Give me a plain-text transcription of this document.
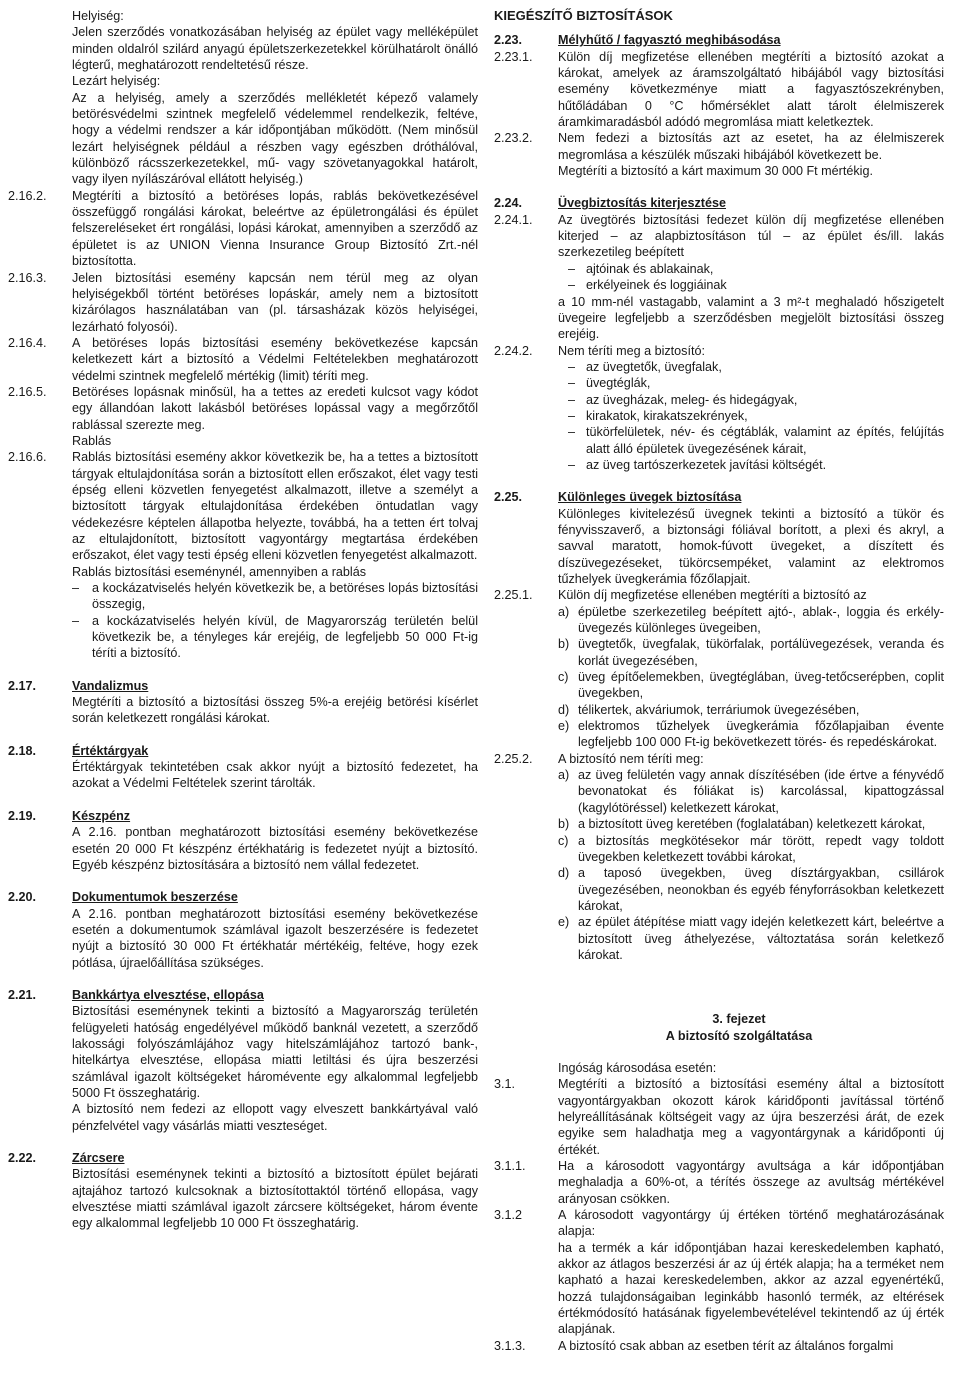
Helyiség:
Jelen szerződés vonatkozásában helyiség az épület vagy melléképület minden oldalról szilárd anyagú épületszerkezetekkel körülhatárolt önálló légterű, meghatározott rendeltetésű része.
Lezárt helyiség:
Az a helyiség, amely a szerződés mellékletét képező valamely betörésvédelmi szintnek megfelelő védelemmel rendelkezik, feltéve, hogy a védelmi rendszer a kár időpontjában működött. (Nem minősül lezárt helyiségnek például a részben vagy egészben dróthálóval, különböző rácsszerkezetekkel, mű- vagy szövetanyagokkal határolt, vagy ilyen nyílászáróval ellátott helyiség.)
2.16.2.	Megtéríti a biztosító a betöréses lopás, rablás bekövetkezésével összefüggő rongálási károkat, beleértve az épületrongálási és épület felszereléseket ért rongálási, lopási károkat, amennyiben a szerződő az épületet is az UNION Vienna Insurance Group Biztosító Zrt.-nél biztosította.
2.16.3.	Jelen biztosítási esemény kapcsán nem térül meg az olyan helyiségekből történt betöréses lopáskár, amely nem a biztosított kizárólagos használatában van (pl. társasházak közös helyiségei, lezárható folyosói).
2.16.4.	A betöréses lopás biztosítási esemény bekövetkezése kapcsán keletkezett kárt a biztosító a Védelmi Feltételekben meghatározott védelmi szintnek megfelelő mértékig (limit) téríti meg.
2.16.5.	Betöréses lopásnak minősül, ha a tettes az eredeti kulcsot vagy kódot egy állandóan lakott lakásból betöréses lopással vagy a megőrzőtől rablással szerezte meg.
Rablás
2.16.6.	Rablás biztosítási esemény akkor következik be, ha a tettes a biztosított tárgyak eltulajdonítása során a biztosított ellen erőszakot, élet vagy testi épség elleni közvetlen fenyegetést alkalmazott, illetve a személyt a biztosított tárgyak eltulajdonítása érdekében öntudatlan vagy védekezésre képtelen állapotba helyezte, továbbá, ha a tetten ért tolvaj az eltulajdonított, biztosított vagyontárgy megtartása érdekében erőszakot, élet vagy testi épség elleni közvetlen fenyegetést alkalmazott.
Rablás biztosítási eseménynél, amennyiben a rablás
–	a kockázatviselés helyén következik be, a betöréses lopás biztosítási összegig,
–	a kockázatviselés helyén kívül, de Magyarország területén belül következik be, a tényleges kár erejéig, de legfeljebb 50 000 Ft-ig téríti a biztosító.
2.17.	Vandalizmus
Megtéríti a biztosító a biztosítási összeg 5%-a erejéig betörési kísérlet során keletkezett rongálási károkat.
2.18.	Értéktárgyak
Értéktárgyak tekintetében csak akkor nyújt a biztosító fedezetet, ha azokat a Védelmi Feltételek szerint tárolták.
2.19.	Készpénz
A 2.16. pontban meghatározott biztosítási esemény bekövetkezése esetén 20 000 Ft készpénz értékhatárig is fedezetet nyújt a biztosító. Egyéb készpénz biztosítására a biztosító nem vállal fedezetet.
2.20.	Dokumentumok beszerzése
A 2.16. pontban meghatározott biztosítási esemény bekövetkezése esetén a dokumentumok számlával igazolt beszerzésére is fedezetet nyújt a biztosító 30 000 Ft értékhatár mértékéig, feltéve, hogy ezek pótlása, újraelőállítása szükséges.
2.21.	Bankkártya elvesztése, ellopása
Biztosítási eseménynek tekinti a biztosító a Magyarország területén felügyeleti hatóság engedélyével működő banknál vezetett, a szerződő lakossági folyószámlájához vagy hitelszámlájához tartozó bank-, hitelkártya elvesztése, ellopása miatti letiltási és újra beszerzési számlával igazolt költségeket háromévente egy alkalommal legfeljebb 5000 Ft összeghatárig.
A biztosító nem fedezi az ellopott vagy elveszett bankkártyával való pénzfelvétel vagy vásárlás miatti veszteséget.
2.22.	Zárcsere
Biztosítási eseménynek tekinti a biztosító a biztosított épület bejárati ajtajához tartozó kulcsoknak a biztosítottaktól történő ellopása, vagy elvesztése miatti számlával igazolt zárcsere költségeket, három évente egy alkalommal legfeljebb 10 000 Ft összeghatárig.
KIEGÉSZÍTŐ BIZTOSÍTÁSOK
2.23.	Mélyhűtő / fagyasztó meghibásodása
2.23.1.	Külön díj megfizetése ellenében megtéríti a biztosító azokat a károkat, amelyek az áramszolgáltató hibájából vagy biztosítási esemény következménye miatt a fagyasztószekrényben, hűtőládában 0 °C hőmérséklet alatt tárolt élelmiszerek áramkimaradásból adódó megromlása miatt keletkeztek.
2.23.2.	Nem fedezi a biztosítás azt az esetet, ha az élelmiszerek megromlása a készülék műszaki hibájából következett be.
Megtéríti a biztosító a kárt maximum 30 000 Ft mértékig.
2.24.	Üvegbiztosítás kiterjesztése
2.24.1.	Az üvegtörés biztosítási fedezet külön díj megfizetése ellenében kiterjed – az alapbiztosításon túl – az épület és/ill. lakás szerkezetileg beépített
– ajtóinak és ablakainak,
– erkélyeinek és loggiáinak
a 10 mm-nél vastagabb, valamint a 3 m²-t meghaladó hőszigetelt üvegeire legfeljebb a szerződésben megjelölt biztosítási összeg erejéig.
2.24.2.	Nem téríti meg a biztosító:
– az üvegtetők, üvegfalak,
– üvegtéglák,
– az üvegházak, meleg- és hidegágyak,
– kirakatok, kirakatszekrények,
– tükörfelületek, név- és cégtáblák, valamint az építés, felújítás alatt álló épületek üvegezésének kárait,
– az üveg tartószerkezetek javítási költségét.
2.25.	Különleges üvegek biztosítása
Különleges kivitelezésű üvegnek tekinti a biztosító a tükör és fényvisszaverő, a biztonsági fóliával borított, a plexi és akryl, a savval maratott, homok-fúvott üvegeket, a díszített és díszüvegezéseket, tükörcsempéket, valamint az elektromos tűzhelyek üvegkerámia főzőlapjait.
2.25.1.	Külön díj megfizetése ellenében megtéríti a biztosító az
a) épületbe szerkezetileg beépített ajtó-, ablak-, loggia és erkély-üvegezés különleges üvegeiben,
b) üvegtetők, üvegfalak, tükörfalak, portálüvegezések, veranda és korlát üvegezésében,
c) üveg építőelemekben, üvegtéglában, üveg-tetőcserépben, coplit üvegekben,
d) télikertek, akváriumok, terráriumok üvegezésében,
e) elektromos tűzhelyek üvegkerámia főzőlapjaiban évente legfeljebb 100 000 Ft-ig bekövetkezett törés- és repedéskárokat.
2.25.2.	A biztosító nem téríti meg:
a) az üveg felületén vagy annak díszítésében (ide értve a fényvédő bevonatokat és fóliákat is) karcolással, kipattogzással (kagylótöréssel) keletkezett károkat,
b) a biztosított üveg keretében (foglalatában) keletkezett károkat,
c) a biztosítás megkötésekor már törött, repedt vagy toldott üvegekben keletkezett további károkat,
d) a taposó üvegekben, üveg dísztárgyakban, csillárok üvegezésében, neonokban és egyéb fényforrásokban keletkezett károkat,
e) az épület átépítése miatt vagy idején keletkezett kárt, beleértve a biztosított üveg áthelyezése, változtatása során keletkező károkat.
3. fejezet
A biztosító szolgáltatása
Ingóság károsodása esetén:
3.1.	Megtéríti a biztosító a biztosítási esemény által a biztosított vagyontárgyakban okozott károk káridőponti javítással történő helyreállításának költségeit vagy az újra beszerzési árát, de ezek egyike sem haladhatja meg a vagyontárgynak a káridőponti új értékét.
3.1.1.	Ha a károsodott vagyontárgy avultsága a kár időpontjában meghaladja a 60%-ot, a térítés összege az avultság mértékével arányosan csökken.
3.1.2	A károsodott vagyontárgy új értéken történő meghatározásának alapja:
ha a termék a kár időpontjában hazai kereskedelemben kapható, akkor az átlagos beszerzési ár az új érték alapja; ha a terméket nem kapható a hazai kereskedelemben, akkor az azzal egyenértékű, hozzá tulajdonságaiban leginkább hasonló termék, az eltérések értékmódosító hatásának figyelembevételével tekintendő az új érték alapjának.
3.1.3.	A biztosító csak abban az esetben térít az általános forgalmi
